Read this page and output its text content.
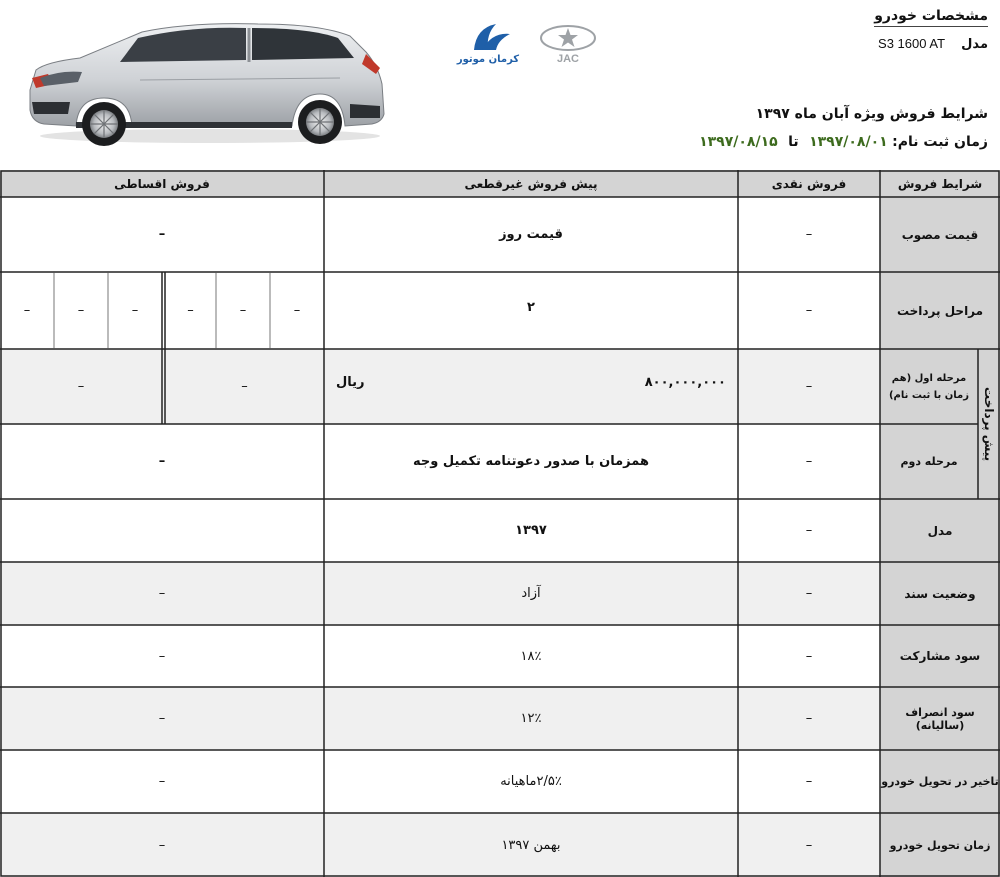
کرمان موتور	JAC
مشخصات خودرو
مدل S3 1600 AT
شرایط فروش ویژه آبان ماه ۱۳۹۷
زمان ثبت نام: ۱۳۹۷/۰۸/۰۱ تا ۱۳۹۷/۰۸/۱۵
شرایط فروش
فروش نقدی
پیش فروش غیرقطعی
فروش اقساطی
قیمت مصوب
–
قیمت روز
–
مراحل پرداخت
–
۲
–
–
–
–
–
–
پیش پرداخت
مرحله اول (هم زمان با ثبت نام)
–
۸۰۰,۰۰۰,۰۰۰
ریال
–
–
مرحله دوم
–
همزمان با صدور دعوتنامه تکمیل وجه
–
مدل
–
۱۳۹۷
وضعیت سند
–
آزاد
–
سود مشارکت
–
۱۸٪
–
سود انصراف (سالیانه)
–
۱۲٪
–
تاخیر در تحویل خودرو
–
۲/۵٪ماهیانه
–
زمان تحویل خودرو
–
بهمن ۱۳۹۷
–
